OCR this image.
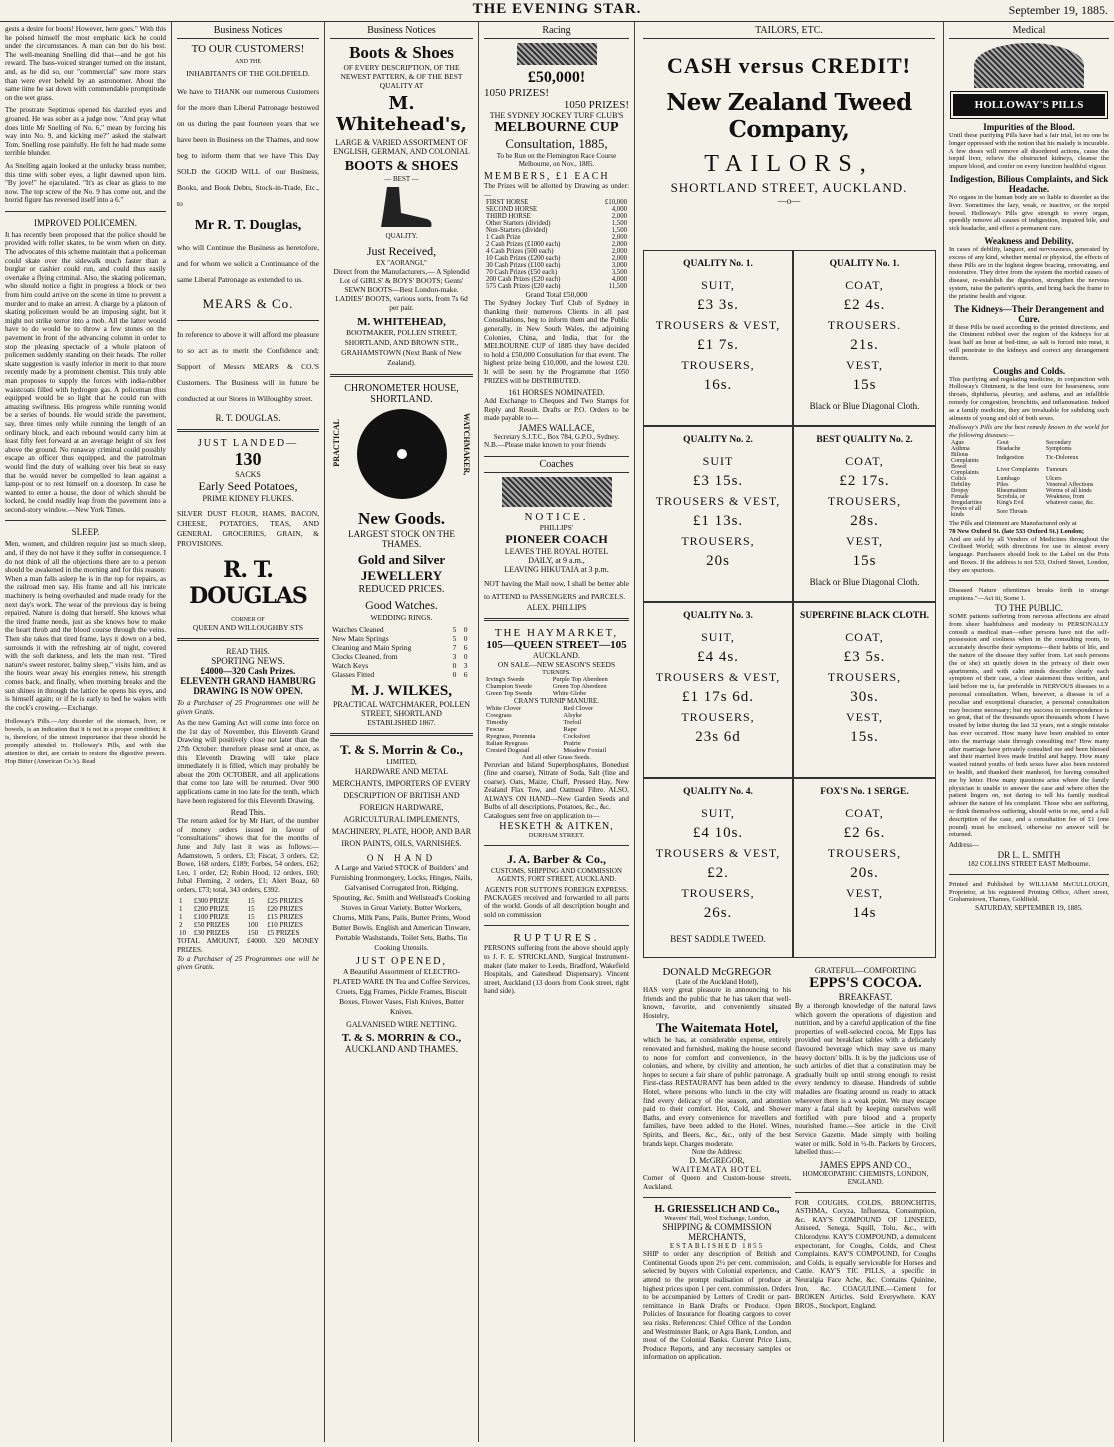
THE EVENING STAR.	September 19, 1885.
gests a desire for boots! However, here goes." With this he poised himself the most emphatic kick he could under the circumstances. A man can but do his best. The well-meaning Snelling did that—and he got his reward. The bass-voiced stranger turned on the instant, and, as he did so, our "commercial" saw more stars than were ever beheld by an astronomer. About the same time he sat down with commendable promptitude on the wet grass.
The prostrate Septimus opened his dazzled eyes and groaned. He was sober as a judge now. "And pray what does little Mr Snelling of No. 6," mean by forcing his way into No. 9, and kicking me?" asked the stalwart Tom. Snelling rose painfully. He felt he had made some terrible blunder.
As Snelling again looked at the unlucky brass number, this time with sober eyes, a light dawned upon him. "By jove!" he ejaculated. "It's as clear as glass to me now. The top screw of the No. 9 has come out, and the horrid figure has reversed itself into a 6."
IMPROVED POLICEMEN.
It has recently been proposed that the police should be provided with roller skates, to be worn when on duty. The advocates of this scheme maintain that a policeman could skate over the sidewalk much faster than a burglar or cashier could run, and could thus easily overtake a flying criminal. Also, the skating policeman, who should notice a fight in progress a block or two from him could arrive on the scene in time to prevent a murder and to make an arrest. A charge by a platoon of skating policemen would be an imposing sight, but it might not strike terror into a mob. All the latter would have to do would be to throw a few stones on the pavement in front of the advancing column in order to stop the pleasing spectacle of a whole platoon of policemen suddenly standing on their heads. The roller skate suggestion is vastly inferior in merit to that more recently made by a prominent chemist. This truly able man proposes to supply the forces with india-rubber waistcoats filled with hydrogen gas. A policeman thus equipped would be so light that he could run with amazing swiftness. His progress while running would be a series of bounds. He would stride the pavement, say, three times only while running the length of an ordinary block, and each rebound would carry him at least fifty feet forward at an average height of six feet above the ground. No runaway criminal could possibly escape an officer thus equipped, and the patrolman would find the duty of walking over his beat so easy that he would never be compelled to lean against a lamp-post or to rest himself on a doorstep. In case he wanted to enter a house, the door of which should be locked, he could readily leap from the pavement into a second-story window.—New York Times.
SLEEP.
Men, women, and children require just so much sleep, and, if they do not have it they suffer in consequence. I do not think of all the objections there are to a person should be awakened in the morning and for this reason: When a man falls asleep he is in the top for repairs, as the railroad men say. His frame and all his intricate machinery is being overhauled and made ready for the next day's work. The wear of the previous day is being repaired. Nature is doing that herself. She knows what the tired frame needs, just as she knows how to make the heart throb and the blood course through the veins. Then she takes that tired frame, lays it down on a bed, surrounds it with the refreshing air of night, covered with the soft darkness, and lets the man rest. "Tired nature's sweet restorer, balmy sleep," visits him, and as the hours wear away his energies renew, his strength comes back, and finally, when morning breaks and the sun shines in through the lattice he opens his eyes, and is himself again; or if he is early to bed he wakes with the cock's crowing.—Exchange.
Holloway's Pills.—Any disorder of the stomach, liver, or bowels, is an indication that it is not in a proper condition; it is, therefore, of the utmost importance that these should be promptly attended to. Holloway's Pills, and with due attention to diet, are certain to restore the digestive powers. Hop Bitter (American Co.'s). Read
Business Notices
TO OUR CUSTOMERS!
AND THE
INHABITANTS OF THE GOLDFIELD.
We have to THANK our numerous Customers for the more than Liberal Patronage bestowed on us during the past fourteen years that we have been in Business on the Thames, and now beg to inform them that we have This Day SOLD the GOOD WILL of our Business, Books, and Book Debts, Stock-in-Trade, Etc., to
Mr R. T. Douglas,
who will Continue the Business as heretofore, and for whom we solicit a Continuance of the same Liberal Patronage as extended to us.
MEARS & Co.
In reference to above it will afford me pleasure to so act as to merit the Confidence and; Support of Messrs MEARS & CO.'S Customers. The Business will in future be conducted at our Stores in Willoughby street.
R. T. DOUGLAS.
JUST LANDED—
130
SACKS
Early Seed Potatoes,
PRIME KIDNEY FLUKES.
SILVER DUST FLOUR, HAMS, BACON, CHEESE, POTATOES, TEAS, AND GENERAL GROCERIES, GRAIN, & PROVISIONS.
R. T. DOUGLAS
CORNER OF
QUEEN AND WILLOUGHBY STS
READ THIS.
SPORTING NEWS.
£4000—320 Cash Prizes.
ELEVENTH GRAND HAMBURG DRAWING IS NOW OPEN.
To a Purchaser of 25 Programmes one will be given Gratis.
As the new Gaming Act will come into force on the 1st day of November, this Eleventh Grand Drawing will positively close not later than the 27th October: therefore please send at once, as this Eleventh Drawing will take place immediately it is filled, which may probably be about the 20th OCTOBER, and all applications that come too late will be returned. Over 900 applications came in too late for the tenth, which have been registered for this Eleventh Drawing.
Read This.
The return asked for by Mr Hart, of the number of money orders issued in favour of "consultations" shows that for the months of June and July last it was as follows:—Adamstown, 5 orders, £3; Fiscat, 3 orders, £2; Bowe, 168 orders, £189; Forbes, 54 orders, £62; Leo, 1 order, £2; Robin Hood, 12 orders, £60; Jubal Fleming, 2 orders, £1; Alert Boaz, 60 orders, £73; total, 343 orders, £392.
1	£300 PRIZE	15	£25 PRIZES
1	£200 PRIZE	15	£20 PRIZES
1	£100 PRIZE	15	£15 PRIZES
2	£50 PRIZES	100	£10 PRIZES
10	£30 PRIZES	150	£5 PRIZES
TOTAL AMOUNT, £4000. 320 MONEY PRIZES.
To a Purchaser of 25 Programmes one will be given Gratis.
Business Notices
Boots & Shoes
OF EVERY DESCRIPTION, OF THE NEWEST PATTERN, & OF THE BEST QUALITY AT
M. Whitehead's,
LARGE & VARIED ASSORTMENT OF ENGLISH, GERMAN, AND COLONIAL
BOOTS & SHOES
— BEST —
QUALITY.
Just Received,
EX "AORANGI,"
Direct from the Manufacturers,— A Splendid Lot of GIRLS' & BOYS' BOOTS; Gents' SEWN BOOTS—Best London-make.
LADIES' BOOTS, various sorts, from 7s 6d per pair.
M. WHITEHEAD,
BOOTMAKER, POLLEN STREET, SHORTLAND, AND BROWN STR., GRAHAMSTOWN (Next Bank of New Zealand).
CHRONOMETER HOUSE, SHORTLAND.
PRACTICAL	WATCHMAKER,
New Goods.
LARGEST STOCK ON THE THAMES.
Gold and Silver JEWELLERY
REDUCED PRICES.
Good Watches.
WEDDING RINGS.
Watches Cleaned	5	0
New Main Springs	5	0
Cleaning and Main Spring	7	6
Clocks Cleaned, from	3	0
Watch Keys	0	3
Glasses Fitted	0	6
M. J. WILKES,
PRACTICAL WATCHMAKER, POLLEN STREET, SHORTLAND
ESTABLISHED 1867.
T. & S. Morrin & Co.,
LIMITED,
HARDWARE AND METAL MERCHANTS, IMPORTERS OF EVERY DESCRIPTION OF BRITISH AND FOREIGN HARDWARE, AGRICULTURAL IMPLEMENTS, MACHINERY, PLATE, HOOP, AND BAR IRON PAINTS, OILS, VARNISHES.
ON HAND
A Large and Varied STOCK of Builders' and Furnishing Ironmongery, Locks, Hinges, Nails, Galvanised Corrugated Iron, Ridging, Spouting, &c. Smith and Wellstead's Cooking Stoves in Great Variety. Butter Workers, Churns, Milk Pans, Pails, Butter Prints, Wood Butter Bowls. English and American Tinware, Portable Washstands, Toilet Sets, Baths, Tin Cooking Utensils.
JUST OPENED,
A Beautiful Assortment of ELECTRO-PLATED WARE IN Tea and Coffee Services, Cruets, Egg Frames, Pickle Frames, Biscuit Boxes, Flower Vases, Fish Knives, Butter Knives.
GALVANISED WIRE NETTING.
T. & S. MORRIN & CO.,
AUCKLAND AND THAMES.
Racing
£50,000!
1050 PRIZES!
1050 PRIZES!
THE SYDNEY JOCKEY TURF CLUB'S
MELBOURNE CUP
Consultation, 1885,
To be Run on the Flemington Race Course Melbourne, on Nov., 1885.
MEMBERS, £1 EACH
The Prizes will be allotted by Drawing as under:—
FIRST HORSE	£10,000
SECOND HORSE	4,000
THIRD HORSE	2,000
Other Starters (divided)	1,500
Non-Starters (divided)	1,500
1 Cash Prize	2,000
2 Cash Prizes (£1000 each)	2,000
4 Cash Prizes (500 each)	2,000
10 Cash Prizes (£200 each)	2,000
30 Cash Prizes (£100 each)	3,000
70 Cash Prizes (£50 each)	3,500
200 Cash Prizes (£20 each)	4,000
575 Cash Prizes (£20 each)	11,500
Grand Total £50,000
The Sydney Jockey Turf Club of Sydney in thanking their numerous Clients in all past Consultations, beg to inform them and the Public generally, in New South Wales, the adjoining Colonies, China, and India, that for the MELBOURNE CUP of 1885 they have decided to hold a £50,000 Consultation for that event. The highest prize being £10,000, and the lowest £20. It will be seen by the Programme that 1050 PRIZES will be DISTRIBUTED.
161 HORSES NOMINATED.
Add Exchange to Cheques and Two Stamps for Reply and Result. Drafts or P.O. Orders to be made payable to—
JAMES WALLACE,
Secretary S.J.T.C., Box 784, G.P.O., Sydney.
N.B.—Please make known to your friends
Coaches
NOTICE.
PHILLIPS'
PIONEER COACH
LEAVES THE ROYAL HOTEL
DAILY, at 9 a.m.,
LEAVING HIKUTAIA at 3 p.m.
NOT having the Mail now, I shall be better able to ATTEND to PASSENGERS and PARCELS.
ALEX. PHILLIPS
THE HAYMARKET,
105—QUEEN STREET—105
AUCKLAND.
ON SALE—NEW SEASON'S SEEDS
TURNIPS.
Irving's Swede	Purple Top Aberdeen
Champion Swede	Green Top Aberdeen
Green Top Swede	White Globe
CRAN'S TURNIP MANURE.
White Clover	Red Clover
Cowgrass	Alsyke
Timothy	Trefoil
Fescue	Rape
Ryegrass, Perennia	Cocksfoot
Italian Ryegrass	Prairie
Crested Dogstail	Meadow Foxtail
And all other Grass Seeds.
Peruvian and Island Superphosphates, Bonedust (fine and coarse), Nitrate of Soda, Salt (fine and coarse). Oats, Maize, Chaff, Pressed Hay, New Zealand Flax Tow, and Oatmeal Fibre. ALSO, ALWAYS ON HAND—New Garden Seeds and Bulbs of all descriptions, Potatoes, &c., &c.
Catalogues sent free on application to—
HESKETH & AITKEN,
DURHAM STREET.
J. A. Barber & Co.,
CUSTOMS, SHIPPING AND COMMISSION AGENTS, FORT STREET, AUCKLAND.
AGENTS FOR SUTTON'S FOREIGN EXPRESS.
PACKAGES received and forwarded to all parts of the world. Goods of all description bought and sold on commission
RUPTURES.
PERSONS suffering from the above should apply to J. F. E. STRICKLAND, Surgical Instrument-maker (late maker to Leeds, Bradford, Wakefield Hospitals, and Gateshead Dispensary). Vincent street, Auckland (13 doors from Cook street, right hand side).
TAILORS, ETC.
CASH versus CREDIT!
New Zealand Tweed Company,
TAILORS,
SHORTLAND STREET, AUCKLAND.
—o—
QUALITY No. 1.
SUIT,
£3 3s.
TROUSERS & VEST,
£1 7s.
TROUSERS,
16s.
QUALITY No. 1.
COAT,
£2 4s.
TROUSERS.
21s.
VEST,
15s
Black or Blue Diagonal Cloth.
QUALITY No. 2.
SUIT
£3 15s.
TROUSERS & VEST,
£1 13s.
TROUSERS,
20s
BEST QUALITY No. 2.
COAT,
£2 17s.
TROUSERS,
28s.
VEST,
15s
Black or Blue Diagonal Cloth.
QUALITY No. 3.
SUIT,
£4 4s.
TROUSERS & VEST,
£1 17s 6d.
TROUSERS,
23s 6d
SUPERFINE BLACK CLOTH.
COAT,
£3 5s.
TROUSERS,
30s.
VEST,
15s.
QUALITY No. 4.
SUIT,
£4 10s.
TROUSERS & VEST,
£2.
TROUSERS,
26s.
FOX'S No. 1 SERGE.
COAT,
£2 6s.
TROUSERS,
20s.
VEST,
14s
BEST SADDLE TWEED.
DONALD McGREGOR
(Late of the Auckland Hotel),
HAS very great pleasure in announcing to his friends and the public that he has taken that well-known, favorite, and conveniently situated Hostelry,
The Waitemata Hotel,
which he has, at considerable expense, entirely renovated and furnished, making the house second to none for comfort and convenience, in the colonies, and where, by civility and attention, he hopes to secure a fair share of public patronage. A First-class RESTAURANT has been added to the Hotel, where persons who lunch in the city will find every delicacy of the season, and attention paid to their comfort. Hot, Cold, and Shower Baths, and every convenience for travellers and families, have been added to the Hotel. Wines, Spirits, and Beers, &c., &c., only of the best brands kept. Charges moderate.
Note the Address:
D. McGREGOR,
WAITEMATA HOTEL
Corner of Queen and Custom-house streets, Auckland.
H. GRIESSELICH AND Co.,
Weavers' Hall, Wool Exchange, London,
SHIPPING & COMMISSION MERCHANTS,
ESTABLISHED 1855
SHIP to order any description of British and Continental Goods upon 2½ per cent. commission, selected by buyers with Colonial experience, and attend to the prompt realisation of produce at highest prices upon 1 per cent. commission. Orders to be accompanied by Letters of Credit or part-remittance in Bank Drafts or Produce. Open Policies of Insurance for floating cargoes to cover sea risks. References: Chief Office of the London and Westminster Bank, or Agra Bank, London, and most of the Colonial Banks. Current Price Lists, Produce Reports, and any necessary samples or information on application.
GRATEFUL—COMFORTING
EPPS'S COCOA.
BREAKFAST.
By a thorough knowledge of the natural laws which govern the operations of digestion and nutrition, and by a careful application of the fine properties of well-selected cocoa, Mr Epps has provided our breakfast tables with a delicately flavoured beverage which may save us many heavy doctors' bills. It is by the judicious use of such articles of diet that a constitution may be gradually built up until strong enough to resist every tendency to disease. Hundreds of subtle maladies are floating around us ready to attack wherever there is a weak point. We may escape many a fatal shaft by keeping ourselves well fortified with pure blood and a properly nourished frame.—See article in the Civil Service Gazette. Made simply with boiling water or milk. Sold in ½-lb. Packets by Grocers, labelled thus:—
JAMES EPPS AND CO.,
HOMOEOPATHIC CHEMISTS, LONDON, ENGLAND.
FOR COUGHS, COLDS, BRONCHITIS, ASTHMA, Coryza, Influenza, Consumption, &c. KAY'S COMPOUND OF LINSEED, Aniseed, Senega, Squill, Tolu, &c., with Chlorodyne. KAY'S COMPOUND, a demulcent expectorant, for Coughs, Colds, and Chest Complaints. KAY'S COMPOUND, for Coughs and Colds, is equally serviceable for Horses and Cattle. KAY'S TIC PILLS, a specific in Neuralgia Face Ache, &c. Contains Quinine, Iron, &c. COAGULINE.—Cement for BROKEN Articles. Sold Everywhere. KAY BROS., Stockport, England.
Medical
HOLLOWAY'S PILLS
Impurities of the Blood.
Until these purifying Pills have had a fair trial, let no one be longer oppressed with the notion that his malady is incurable. A few doses will remove all disordered actions, cause the torpid liver, relieve the obstructed kidneys, cleanse the impure blood, and confer on every function healthful vigour.
Indigestion, Bilious Complaints, and Sick Headache.
No organs in the human body are so liable to disorder as the liver. Sometimes the lazy, weak, or inactive, or the torpid bowel. Holloway's Pills give strength to every organ, speedily remove all causes of indigestion, impaired bile, and sick headache, and effect a permanent cure.
Weakness and Debility.
In cases of debility, languor, and nervousness, generated by excess of any kind, whether mental or physical, the effects of these Pills are in the highest degree bracing, renovating, and restorative. They drive from the system the morbid causes of disease, re-establish the digestion, strengthen the nervous system, raise the patient's spirits, and bring back the frame to the pristine health and vigour.
The Kidneys—Their Derangement and Cure.
If these Pills be used according to the printed directions, and the Ointment rubbed over the region of the kidneys for at least half an hour at bed-time, as salt is forced into meat, it will penetrate to the kidneys and correct any derangement therein.
Coughs and Colds.
This purifying and regulating medicine, in conjunction with Holloway's Ointment, is the best cure for hoarseness, sore throats, diphtheria, pleurisy, and asthma, and an infallible remedy for congestion, bronchitis, and inflammation. Indeed as a family medicine, they are invaluable for subduing such ailments of young and old of both sexes.
Holloway's Pills are the best remedy known in the world for the following diseases:—
Ague	Gout	Secondary
Asthma	Headache	Symptoms
Bilious Complaints	Indigestion	Tic-Doloreux
Bowel Complaints	Liver Complaints	Tumours
Colics	Lumbago	Ulcers
Debility	Piles	Venereal Affections
Dropsy	Rheumatism	Worms of all kinds
Female Irregularities	Scrofula, or King's Evil	Weakness, from whatever cause, &c.
Fevers of all kinds	Sore Throats	
The Pills and Ointment are Manufactured only at
78 New Oxford St. (late 533 Oxford St.) London;
And are sold by all Vendors of Medicines throughout the Civilised World; with directions for use in almost every language. Purchasers should look to the Label on the Pots and Boxes. If the address is not 533, Oxford Street, London, they are spurious.
Diseased Nature oftentimes breaks forth in strange eruptions."—Act iii, Scene 1.
TO THE PUBLIC.
SOME patients suffering from nervous affections are afraid from sheer bashfulness and modesty to PERSONALLY consult a medical man—other persons have not the self-possession and coolness when in the consulting room, to accurately describe their symptoms—their habits of life, and the nature of the disease they suffer from. Let such persons (he or she) sit quietly down in the privacy of their own apartments, and with calm minds describe clearly each symptom of their case, a clear statement thus written, and laid before me is, far preferable in NERVOUS diseases to a personal consultation. When, however, a disease is of a peculiar and exceptional character, a personal consultation may become necessary; but my success in correspondence is so great, that of the thousands upon thousands whom I have treated by letter during the last 32 years, not a single mistake has ever occurred. How many have been enabled to enter into the marriage state through consulting me? How many after marriage have privately consulted me and been blessed and their married lives made fruitful and happy. How many wasted ruined youths of both sexes have also been restored to health, and thanked their manhood, for having consulted me by letter. How many questions arise where the family physician is unable to answer the case and where often the patient lingers on, not daring to tell his family medical adviser the nature of his complaint. Those who are suffering, or think themselves suffering, should write to me, send a full description of the case, and a consultation fee of £1 (one pound) must be enclosed, otherwise no answer will be returned.
Address—
DR L. L. SMITH
182 COLLINS STREET EAST Melbourne.
Printed and Published by WILLIAM McCULLOUGH, Proprietor, at his registered Printing Office, Albert street, Grahamstown, Thames, Goldfield.
SATURDAY, SEPTEMBER 19, 1885.
